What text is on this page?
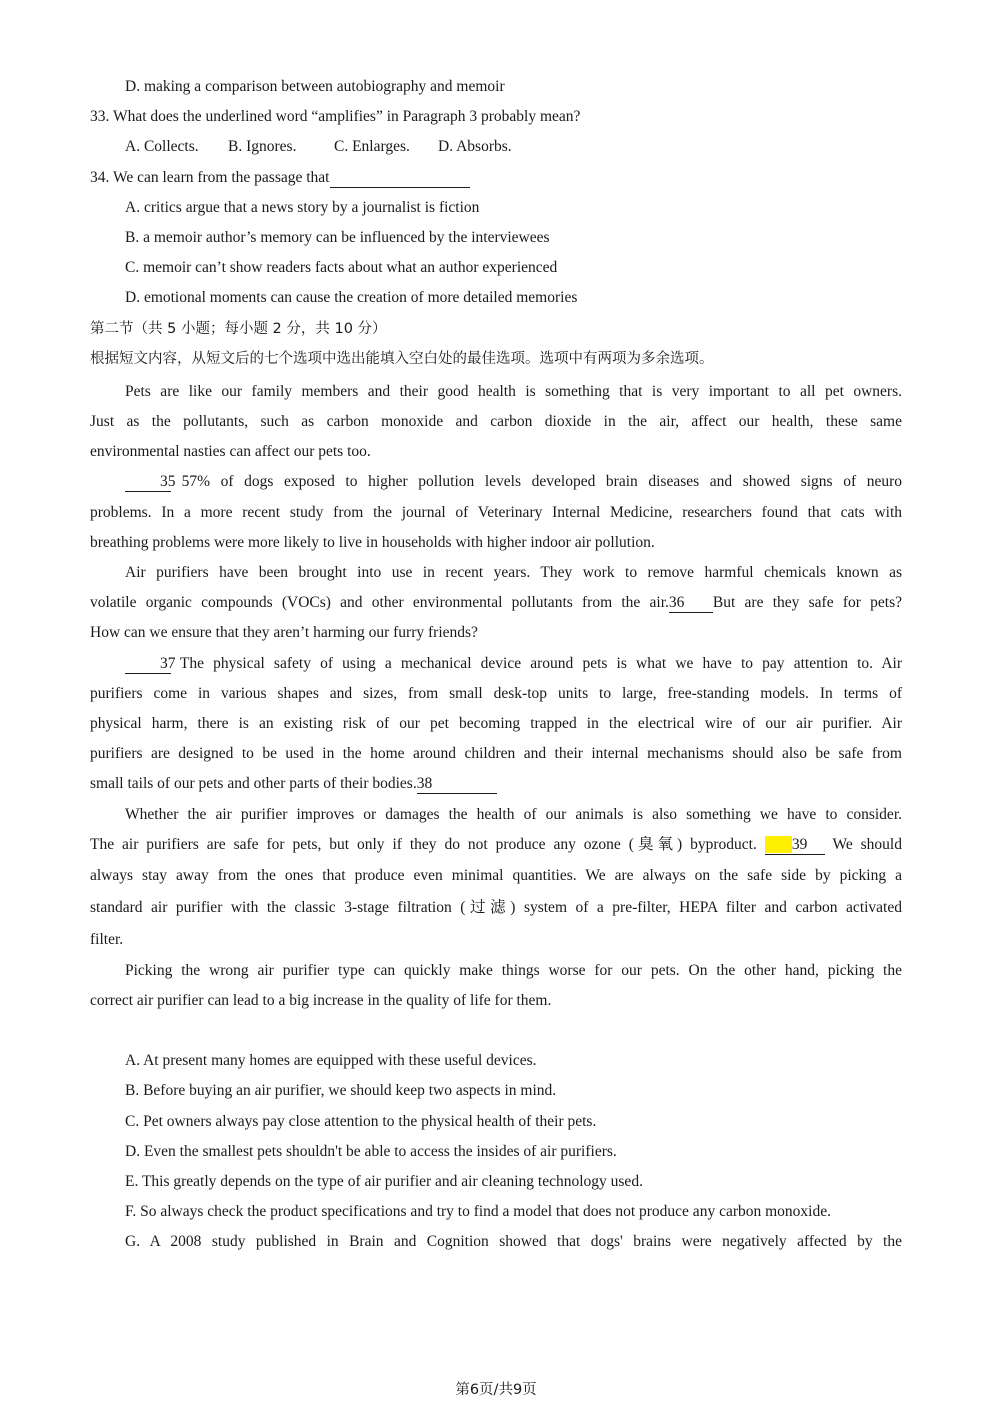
D. making a comparison between autobiography and memoir
33. What does the underlined word “amplifies” in Paragraph 3 probably mean?
A. Collects. B. Ignores. C. Enlarges. D. Absorbs.
34. We can learn from the passage that
A. critics argue that a news story by a journalist is fiction
B. a memoir author’s memory can be influenced by the interviewees
C. memoir can’t show readers facts about what an author experienced
D. emotional moments can cause the creation of more detailed memories
第二节（共 5 小题；每小题 2 分，共 10 分）
根据短文内容，从短文后的七个选项中选出能填入空白处的最佳选项。选项中有两项为多余选项。
Pets are like our family members and their good health is something that is very important to all pet owners.
Just as the pollutants, such as carbon monoxide and carbon dioxide in the air, affect our health, these same
environmental nasties can affect our pets too.
35 57% of dogs exposed to higher pollution levels developed brain diseases and showed signs of neuro
problems. In a more recent study from the journal of Veterinary Internal Medicine, researchers found that cats with
breathing problems were more likely to live in households with higher indoor air pollution.
Air purifiers have been brought into use in recent years. They work to remove harmful chemicals known as
volatile organic compounds (VOCs) and other environmental pollutants from the air.36 But are they safe for pets?
How can we ensure that they aren’t harming our furry friends?
37 The physical safety of using a mechanical device around pets is what we have to pay attention to. Air
purifiers come in various shapes and sizes, from small desk-top units to large, free-standing models. In terms of
physical harm, there is an existing risk of our pet becoming trapped in the electrical wire of our air purifier. Air
purifiers are designed to be used in the home around children and their internal mechanisms should also be safe from
small tails of our pets and other parts of their bodies.38
Whether the air purifier improves or damages the health of our animals is also something we have to consider.
The air purifiers are safe for pets, but only if they do not produce any ozone (臭氧) byproduct. 39 We should
always stay away from the ones that produce even minimal quantities. We are always on the safe side by picking a
standard air purifier with the classic 3-stage filtration (过滤) system of a pre-filter, HEPA filter and carbon activated
filter.
Picking the wrong air purifier type can quickly make things worse for our pets. On the other hand, picking the
correct air purifier can lead to a big increase in the quality of life for them.
A. At present many homes are equipped with these useful devices.
B. Before buying an air purifier, we should keep two aspects in mind.
C. Pet owners always pay close attention to the physical health of their pets.
D. Even the smallest pets shouldn't be able to access the insides of air purifiers.
E. This greatly depends on the type of air purifier and air cleaning technology used.
F. So always check the product specifications and try to find a model that does not produce any carbon monoxide.
G. A 2008 study published in Brain and Cognition showed that dogs' brains were negatively affected by the
第6页/共9页
